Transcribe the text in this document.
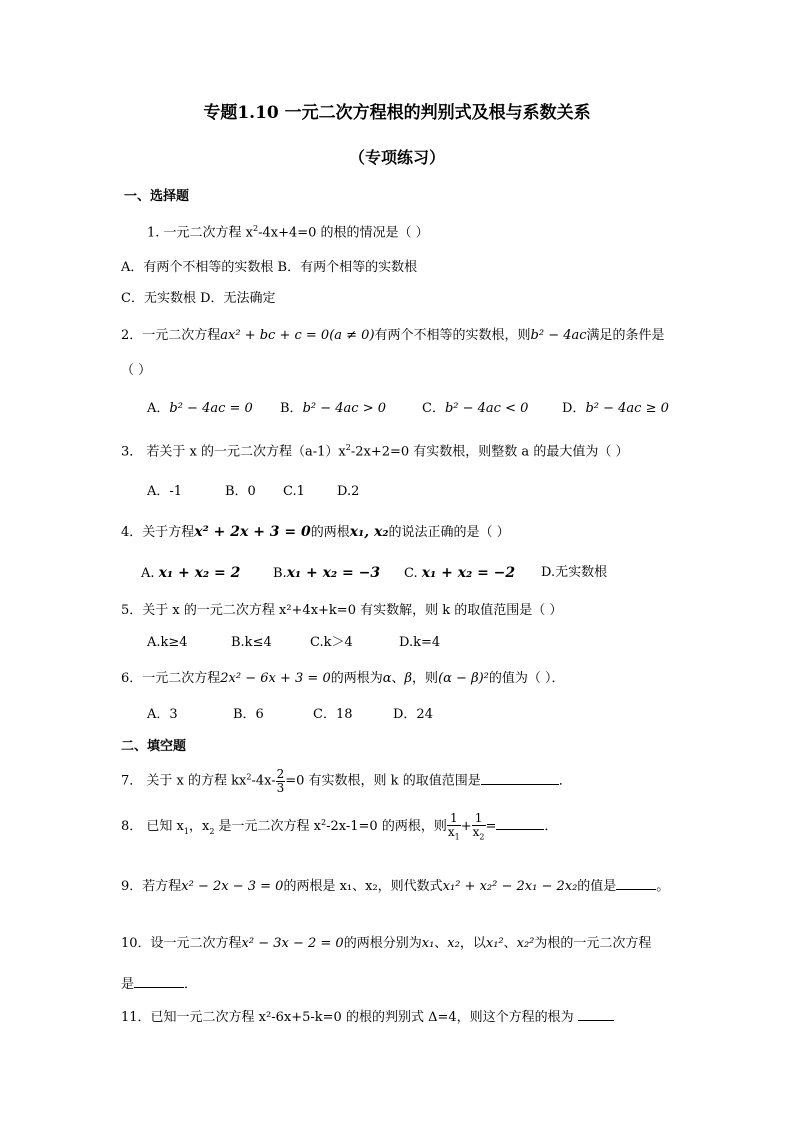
专题1.10 一元二次方程根的判别式及根与系数关系
（专项练习）
一、选择题
1. 一元二次方程 $x^2-4x+4=0$ 的根的情况是（ ）
A．有两个不相等的实数根 B．有两个相等的实数根
C．无实数根 D．无法确定
2．一元二次方程ax² + bc + c = 0(a ≠ 0)有两个不相等的实数根，则b² − 4ac满足的条件是
（ ）
A．b² − 4ac = 0 B．b² − 4ac > 0	C．b² − 4ac < 0	D．b² − 4ac ≥ 0
3． 若关于 x 的一元二次方程$(a-1)x^2-2x+2=0$ 有实数根，则整数 a 的最大值为（ ）
A．-1	B．0 C.1 D.2
4．关于方程x² + 2x + 3 = 0的两根x₁, x₂的说法正确的是（ ）
A. x₁ + x₂ = 2	B.x₁ + x₂ = −3 C. x₁ + x₂ = −2 D.无实数根
5．关于 x 的一元二次方程 x²+4x+k=0 有实数解，则 k 的取值范围是（ ）
A.k≥4	B.k≤4	C.k＞4	D.k=4
6．一元二次方程2x² − 6x + 3 = 0的两根为α、β，则(α − β)²的值为（ ）．
A．3	B．6	C．18	D．24
二、填空题
7． 关于 x 的方程 $kx^2-4x- \frac{2}{3} =0$ 有实数根，则 k 的取值范围是	．
8． 已知 $x_1$，$x_2$ 是一元二次方程 $x^2-2x-1=0$ 的两根，则 $\frac{1}{x_1} + \frac{1}{x_2}$ =	．
9．若方程x² − 2x − 3 = 0的两根是 x₁、x₂，则代数式x₁² + x₂² − 2x₁ − 2x₂的值是	。
10．设一元二次方程x² − 3x − 2 = 0的两根分别为x₁、x₂，以x₁²、x₂²为根的一元二次方程
是	．
11．已知一元二次方程 x²-6x+5-k=0 的根的判别式 Δ=4，则这个方程的根为
